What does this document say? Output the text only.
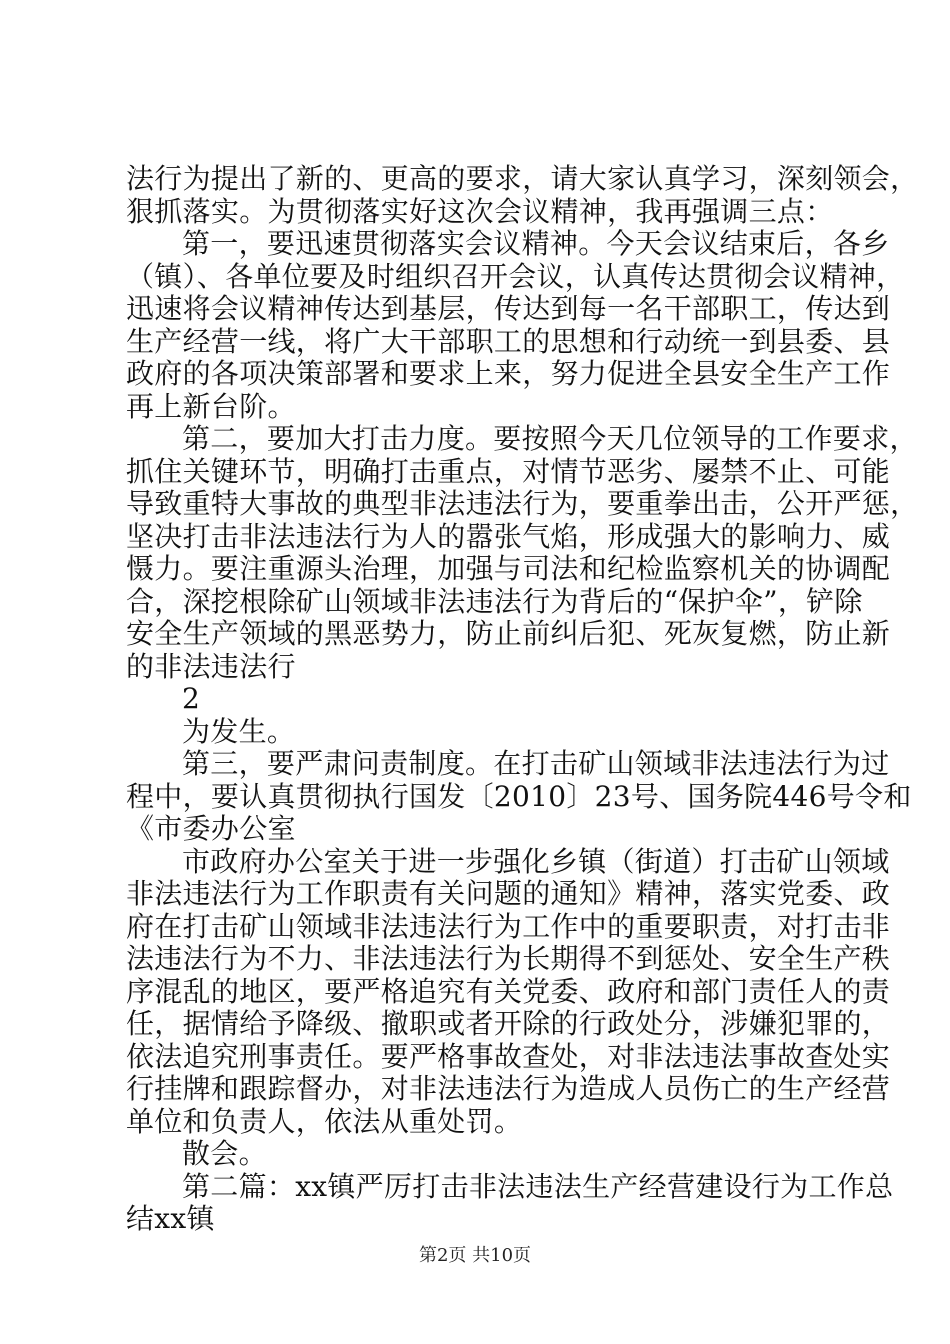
法行为提出了新的、更高的要求，请大家认真学习，深刻领会，
狠抓落实。为贯彻落实好这次会议精神，我再强调三点：
第一，要迅速贯彻落实会议精神。今天会议结束后，各乡
（镇）、各单位要及时组织召开会议，认真传达贯彻会议精神，
迅速将会议精神传达到基层，传达到每一名干部职工，传达到
生产经营一线，将广大干部职工的思想和行动统一到县委、县
政府的各项决策部署和要求上来，努力促进全县安全生产工作
再上新台阶。
第二，要加大打击力度。要按照今天几位领导的工作要求，
抓住关键环节，明确打击重点，对情节恶劣、屡禁不止、可能
导致重特大事故的典型非法违法行为，要重拳出击，公开严惩，
坚决打击非法违法行为人的嚣张气焰，形成强大的影响力、威
慑力。要注重源头治理，加强与司法和纪检监察机关的协调配
合，深挖根除矿山领域非法违法行为背后的“保护伞”，铲除
安全生产领域的黑恶势力，防止前纠后犯、死灰复燃，防止新
的非法违法行
2
为发生。
第三，要严肃问责制度。在打击矿山领域非法违法行为过
程中，要认真贯彻执行国发〔2010〕23号、国务院446号令和
《市委办公室
市政府办公室关于进一步强化乡镇（街道）打击矿山领域
非法违法行为工作职责有关问题的通知》精神，落实党委、政
府在打击矿山领域非法违法行为工作中的重要职责，对打击非
法违法行为不力、非法违法行为长期得不到惩处、安全生产秩
序混乱的地区，要严格追究有关党委、政府和部门责任人的责
任，据情给予降级、撤职或者开除的行政处分，涉嫌犯罪的，
依法追究刑事责任。要严格事故查处，对非法违法事故查处实
行挂牌和跟踪督办，对非法违法行为造成人员伤亡的生产经营
单位和负责人，依法从重处罚。
散会。
第二篇：xx镇严厉打击非法违法生产经营建设行为工作总
结xx镇
第2页 共10页
